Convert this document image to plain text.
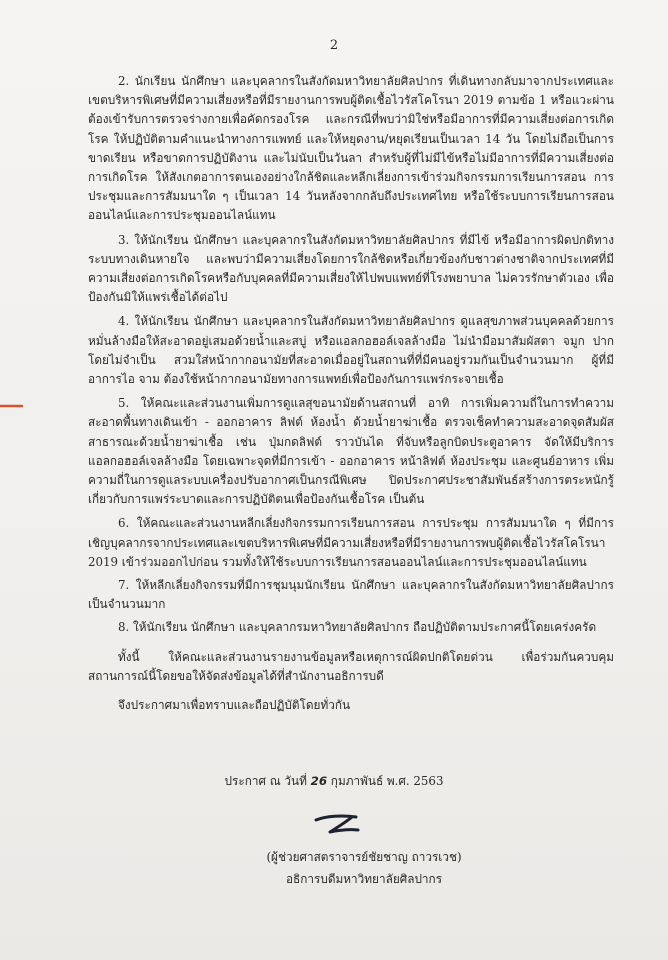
2

2. นักเรียน นักศึกษา และบุคลากรในสังกัดมหาวิทยาลัยศิลปากร ที่เดินทางกลับมาจากประเทศและเขตบริหารพิเศษที่มีความเสี่ยงหรือที่มีรายงานการพบผู้ติดเชื้อไวรัสโคโรนา 2019 ตามข้อ 1 หรือแวะผ่านต้องเข้ารับการตรวจร่างกายเพื่อคัดกรองโรค และกรณีที่พบว่ามิใช่หรือมีอาการที่มีความเสี่ยงต่อการเกิดโรค ให้ปฏิบัติตามคำแนะนำทางการแพทย์ และให้หยุดงาน/หยุดเรียนเป็นเวลา 14 วัน โดยไม่ถือเป็นการขาดเรียน หรือขาดการปฏิบัติงาน และไม่นับเป็นวันลา สำหรับผู้ที่ไม่มีไข้หรือไม่มีอาการที่มีความเสี่ยงต่อการเกิดโรค ให้สังเกตอาการตนเองอย่างใกล้ชิดและหลีกเลี่ยงการเข้าร่วมกิจกรรมการเรียนการสอน การประชุมและการสัมมนาใด ๆ เป็นเวลา 14 วันหลังจากกลับถึงประเทศไทย หรือใช้ระบบการเรียนการสอนออนไลน์และการประชุมออนไลน์แทน

3. ให้นักเรียน นักศึกษา และบุคลากรในสังกัดมหาวิทยาลัยศิลปากร ที่มีไข้ หรือมีอาการผิดปกติทางระบบทางเดินหายใจ และพบว่ามีความเสี่ยงโดยการใกล้ชิดหรือเกี่ยวข้องกับชาวต่างชาติจากประเทศที่มีความเสี่ยงต่อการเกิดโรคหรือกับบุคคลที่มีความเสี่ยงให้ไปพบแพทย์ที่โรงพยาบาล ไม่ควรรักษาตัวเอง เพื่อป้องกันมิให้แพร่เชื้อได้ต่อไป

4. ให้นักเรียน นักศึกษา และบุคลากรในสังกัดมหาวิทยาลัยศิลปากร ดูแลสุขภาพส่วนบุคคลด้วยการหมั่นล้างมือให้สะอาดอยู่เสมอด้วยน้ำและสบู่ หรือแอลกอฮอล์เจลล้างมือ ไม่นำมือมาสัมผัสตา จมูก ปาก โดยไม่จำเป็น สวมใส่หน้ากากอนามัยที่สะอาดเมื่ออยู่ในสถานที่ที่มีคนอยู่รวมกันเป็นจำนวนมาก ผู้ที่มีอาการไอ จาม ต้องใช้หน้ากากอนามัยทางการแพทย์เพื่อป้องกันการแพร่กระจายเชื้อ

5. ให้คณะและส่วนงานเพิ่มการดูแลสุขอนามัยด้านสถานที่ อาทิ การเพิ่มความถี่ในการทำความสะอาดพื้นทางเดินเข้า - ออกอาคาร ลิฟต์ ห้องน้ำ ด้วยน้ำยาฆ่าเชื้อ ตรวจเช็คทำความสะอาดจุดสัมผัสสาธารณะด้วยน้ำยาฆ่าเชื้อ เช่น ปุ่มกดลิฟต์ ราวบันได ที่จับหรือลูกบิดประตูอาคาร จัดให้มีบริการแอลกอฮอล์เจลล้างมือ โดยเฉพาะจุดที่มีการเข้า - ออกอาคาร หน้าลิฟต์ ห้องประชุม และศูนย์อาหาร เพิ่มความถี่ในการดูแลระบบเครื่องปรับอากาศเป็นกรณีพิเศษ ปิดประกาศประชาสัมพันธ์สร้างการตระหนักรู้เกี่ยวกับการแพร่ระบาดและการปฏิบัติตนเพื่อป้องกันเชื้อโรค เป็นต้น

6. ให้คณะและส่วนงานหลีกเลี่ยงกิจกรรมการเรียนการสอน การประชุม การสัมมนาใด ๆ ที่มีการเชิญบุคลากรจากประเทศและเขตบริหารพิเศษที่มีความเสี่ยงหรือที่มีรายงานการพบผู้ติดเชื้อไวรัสโคโรนา 2019 เข้าร่วมออกไปก่อน รวมทั้งให้ใช้ระบบการเรียนการสอนออนไลน์และการประชุมออนไลน์แทน

7. ให้หลีกเลี่ยงกิจกรรมที่มีการชุมนุมนักเรียน นักศึกษา และบุคลากรในสังกัดมหาวิทยาลัยศิลปากร เป็นจำนวนมาก

8. ให้นักเรียน นักศึกษา และบุคลากรมหาวิทยาลัยศิลปากร ถือปฏิบัติตามประกาศนี้โดยเคร่งครัด

ทั้งนี้ ให้คณะและส่วนงานรายงานข้อมูลหรือเหตุการณ์ผิดปกติโดยด่วน เพื่อร่วมกันควบคุมสถานการณ์นี้โดยขอให้จัดส่งข้อมูลได้ที่สำนักงานอธิการบดี

จึงประกาศมาเพื่อทราบและถือปฏิบัติโดยทั่วกัน

ประกาศ ณ วันที่ 26 กุมภาพันธ์ พ.ศ. 2563
(ผู้ช่วยศาสตราจารย์ชัยชาญ ถาวรเวช)
อธิการบดีมหาวิทยาลัยศิลปากร
